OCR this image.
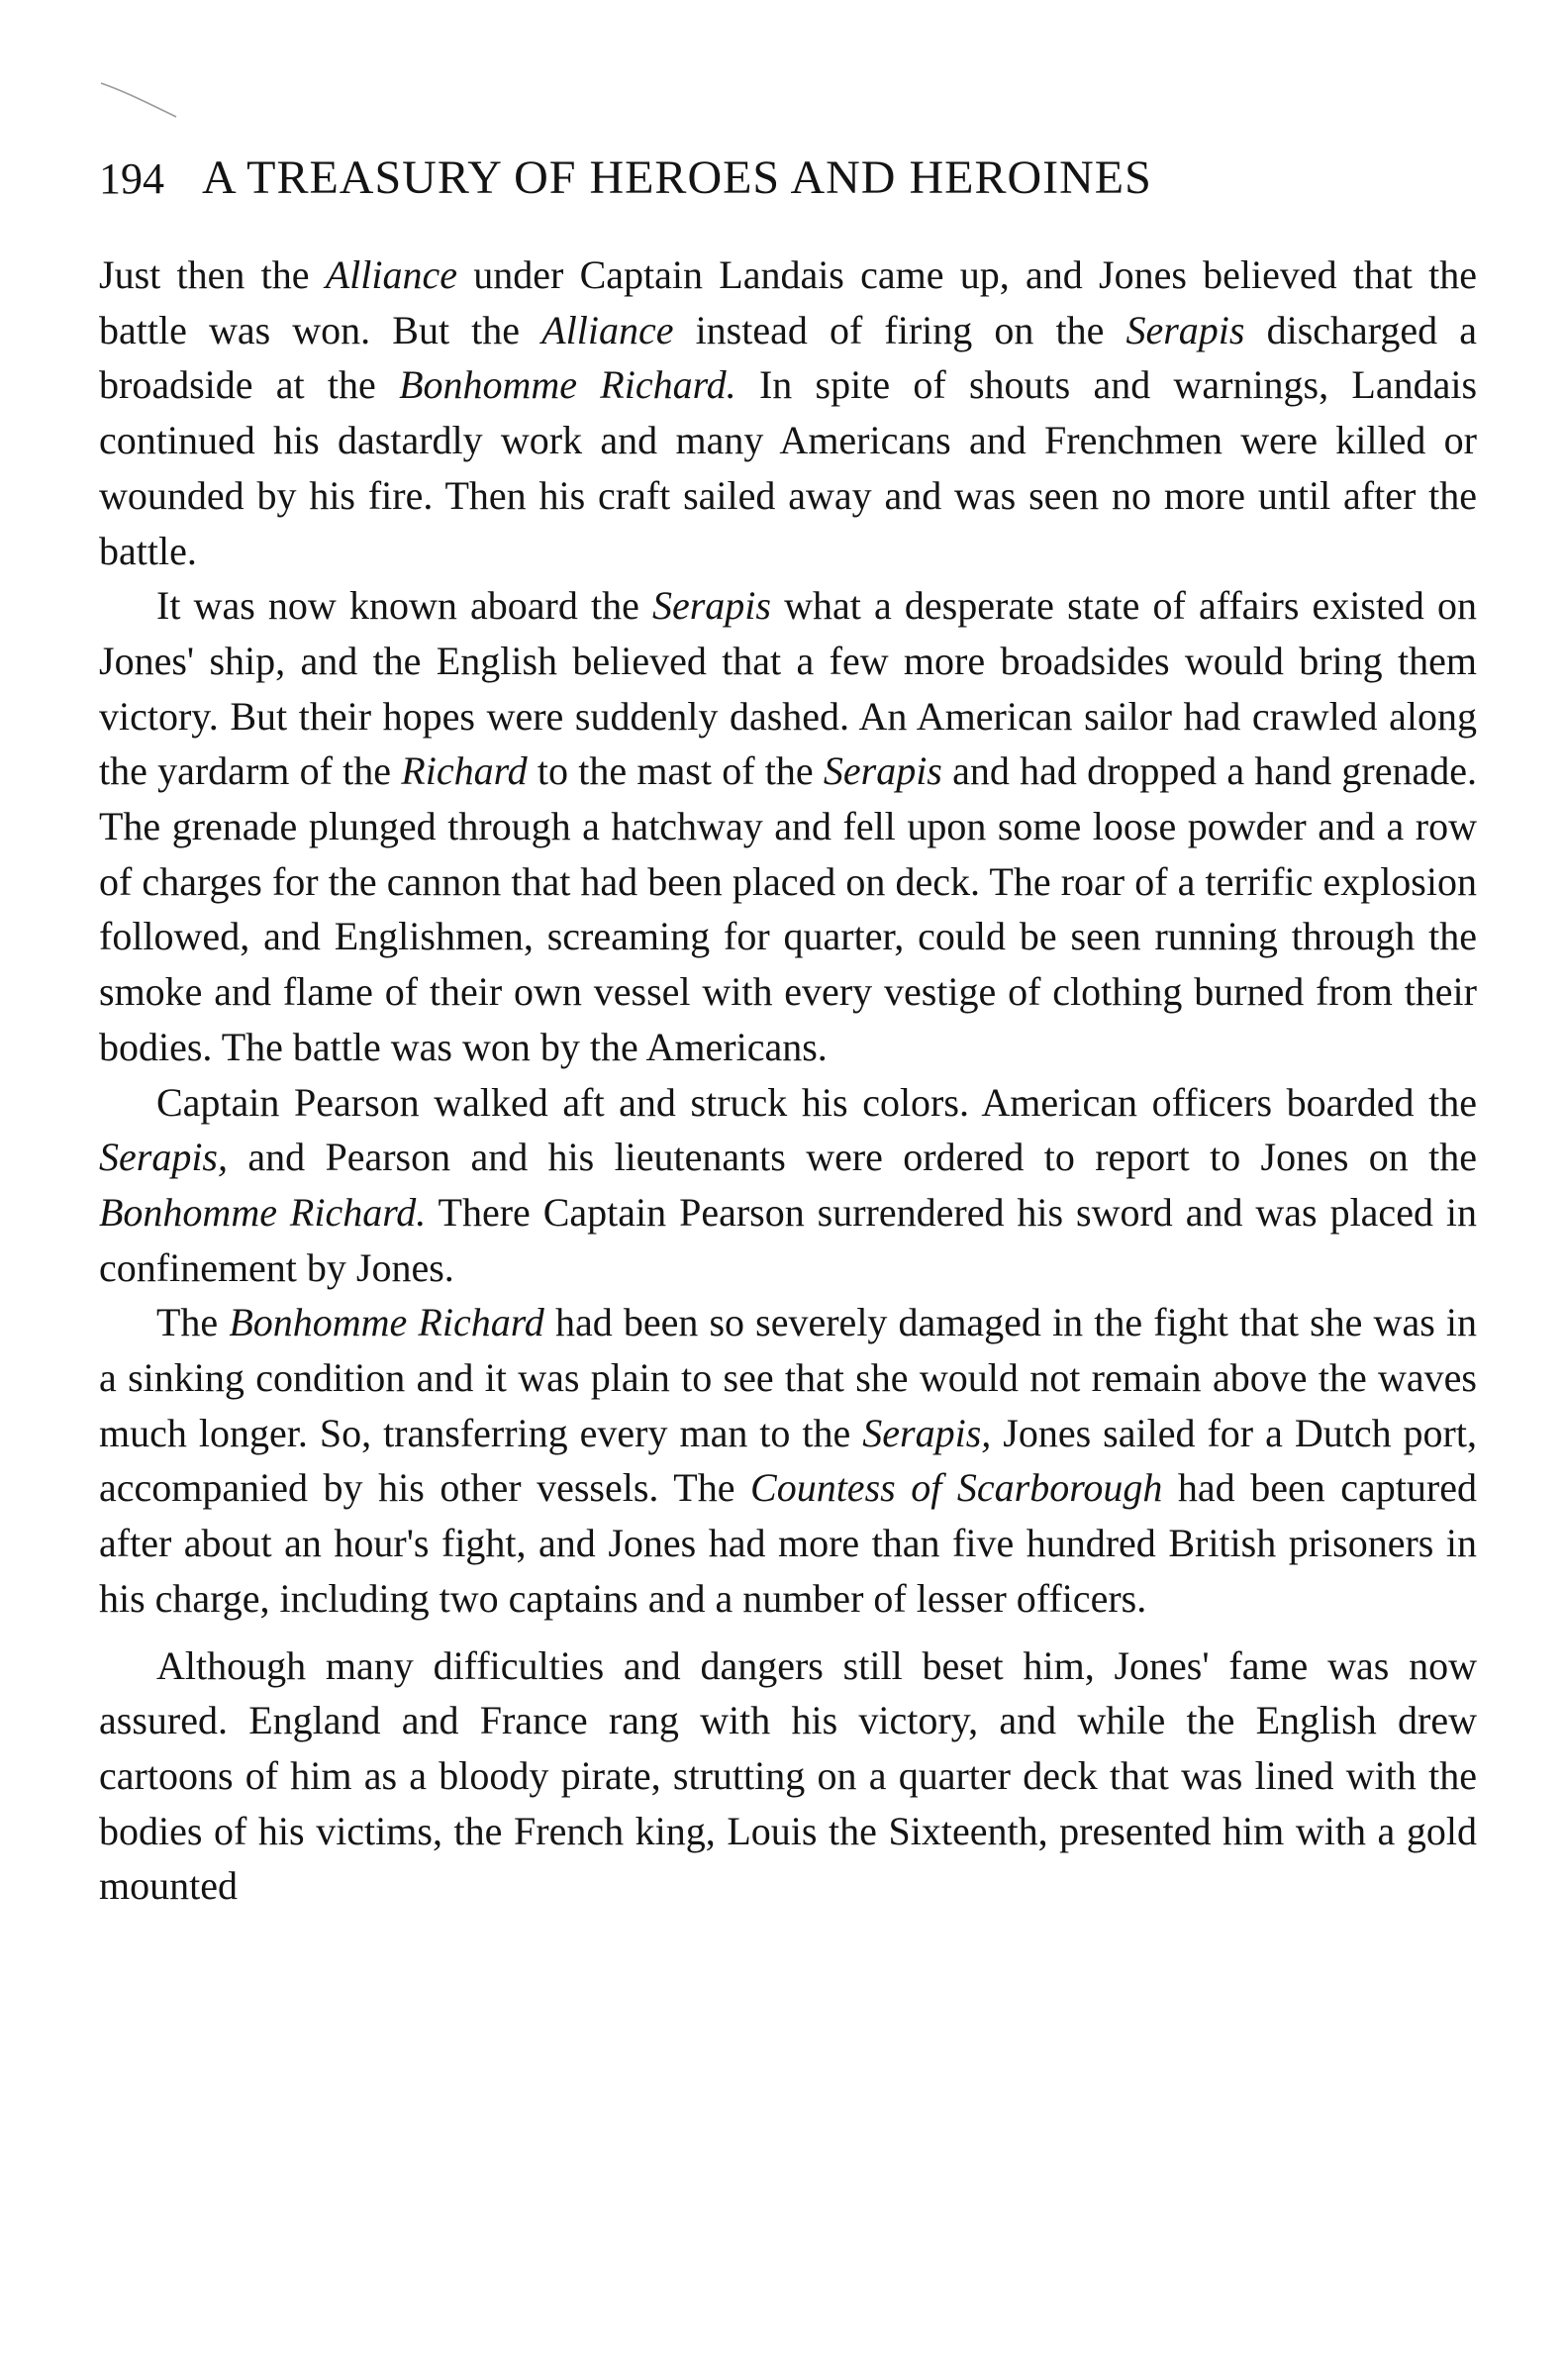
194 A TREASURY OF HEROES AND HEROINES

Just then the Alliance under Captain Landais came up, and Jones believed that the battle was won. But the Alliance instead of firing on the Serapis discharged a broadside at the Bonhomme Richard. In spite of shouts and warnings, Landais continued his dastardly work and many Americans and Frenchmen were killed or wounded by his fire. Then his craft sailed away and was seen no more until after the battle.

It was now known aboard the Serapis what a desperate state of affairs existed on Jones' ship, and the English believed that a few more broadsides would bring them victory. But their hopes were suddenly dashed. An American sailor had crawled along the yardarm of the Richard to the mast of the Serapis and had dropped a hand grenade. The grenade plunged through a hatchway and fell upon some loose powder and a row of charges for the cannon that had been placed on deck. The roar of a terrific explosion followed, and Englishmen, screaming for quarter, could be seen running through the smoke and flame of their own vessel with every vestige of clothing burned from their bodies. The battle was won by the Americans.

Captain Pearson walked aft and struck his colors. American officers boarded the Serapis, and Pearson and his lieutenants were ordered to report to Jones on the Bonhomme Richard. There Captain Pearson surrendered his sword and was placed in confinement by Jones.

The Bonhomme Richard had been so severely damaged in the fight that she was in a sinking condition and it was plain to see that she would not remain above the waves much longer. So, transferring every man to the Serapis, Jones sailed for a Dutch port, accompanied by his other vessels. The Countess of Scarborough had been captured after about an hour's fight, and Jones had more than five hundred British prisoners in his charge, including two captains and a number of lesser officers.

Although many difficulties and dangers still beset him, Jones' fame was now assured. England and France rang with his victory, and while the English drew cartoons of him as a bloody pirate, strutting on a quarter deck that was lined with the bodies of his victims, the French king, Louis the Sixteenth, presented him with a gold mounted
